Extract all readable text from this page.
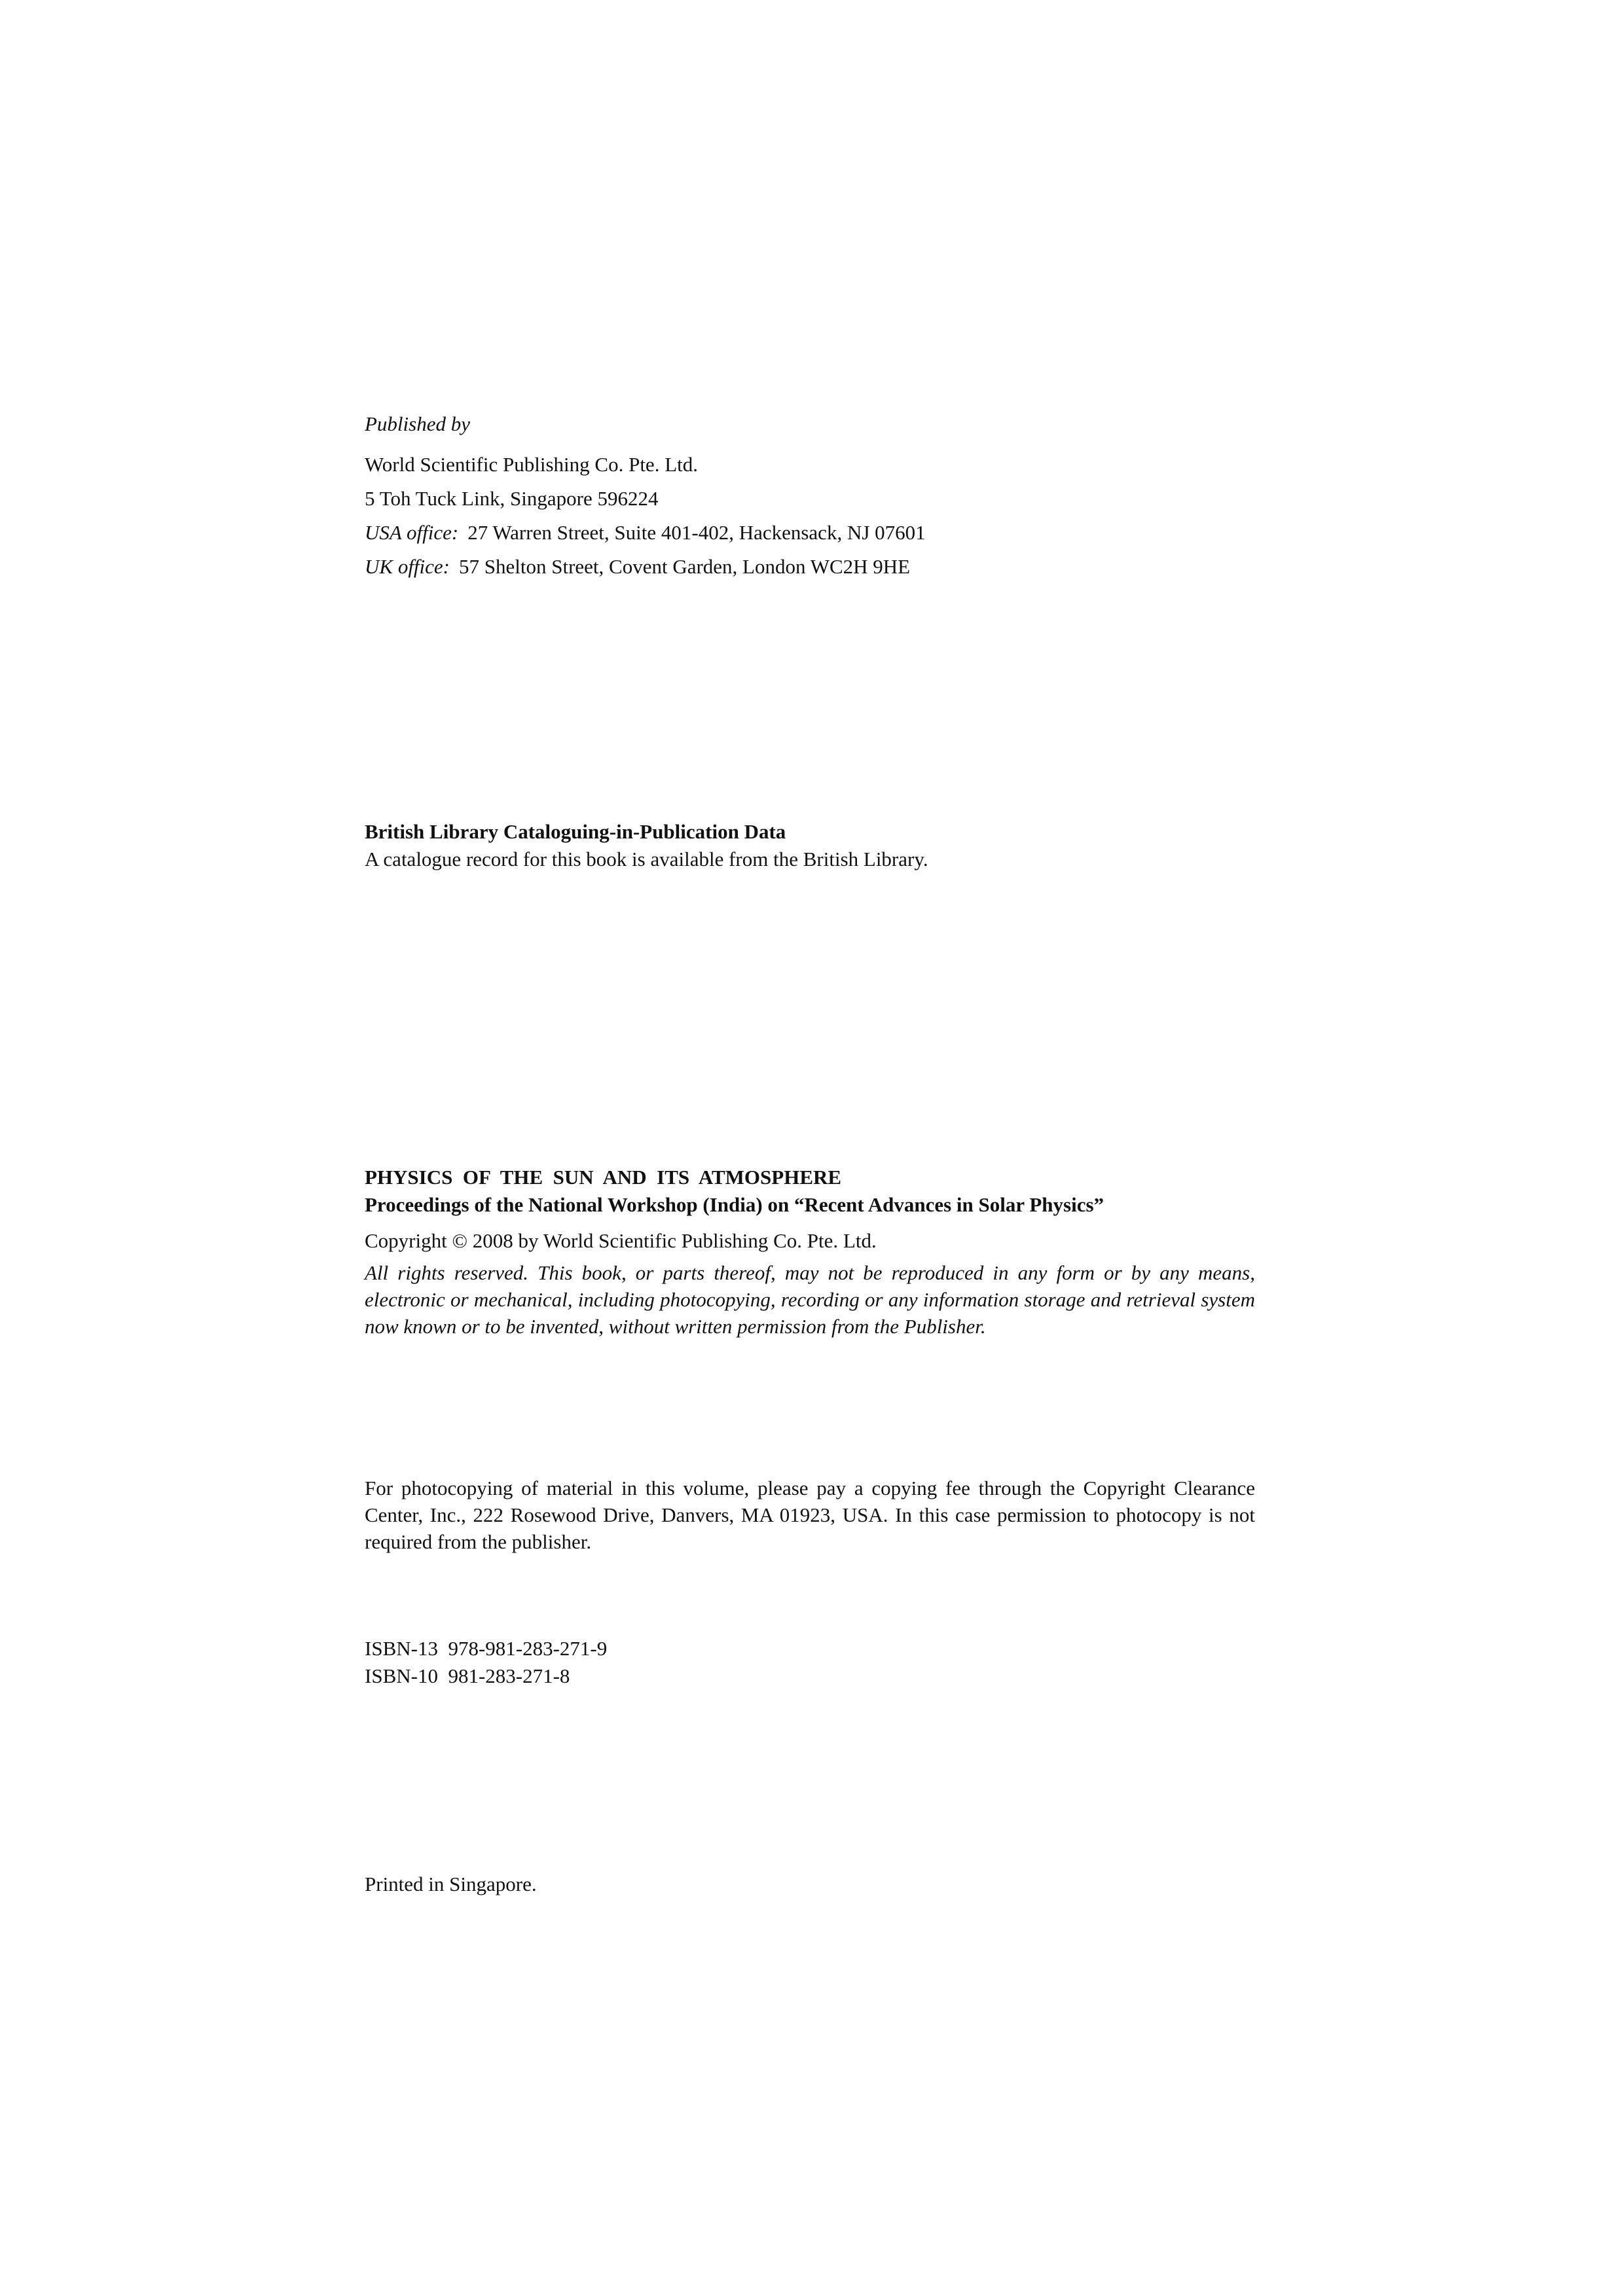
Published by

World Scientific Publishing Co. Pte. Ltd.

5 Toh Tuck Link, Singapore 596224

USA office: 27 Warren Street, Suite 401-402, Hackensack, NJ 07601

UK office: 57 Shelton Street, Covent Garden, London WC2H 9HE

British Library Cataloguing-in-Publication Data

A catalogue record for this book is available from the British Library.

PHYSICS  OF  THE  SUN  AND  ITS  ATMOSPHERE

Proceedings of the National Workshop (India) on “Recent Advances in Solar Physics”

Copyright © 2008 by World Scientific Publishing Co. Pte. Ltd.

All rights reserved. This book, or parts thereof, may not be reproduced in any form or by any means, electronic or mechanical, including photocopying, recording or any information storage and retrieval system now known or to be invented, without written permission from the Publisher.

For photocopying of material in this volume, please pay a copying fee through the Copyright Clearance Center, Inc., 222 Rosewood Drive, Danvers, MA 01923, USA. In this case permission to photocopy is not required from the publisher.

ISBN-13  978-981-283-271-9

ISBN-10  981-283-271-8

Printed in Singapore.
